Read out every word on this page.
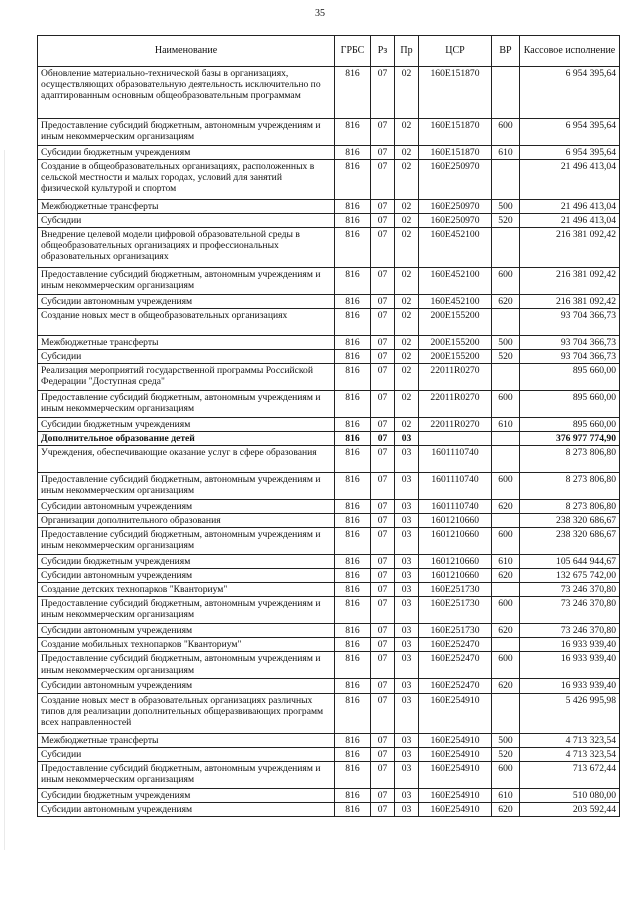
35
Наименование	ГРБС	Рз	Пр	ЦСР	ВР	Кассовое исполнение
Обновление материально-технической базы в организациях, осуществляющих образовательную деятельность исключительно по адаптированным основным общеобразовательным программам	816	07	02	160E151870		6 954 395,64
Предоставление субсидий бюджетным, автономным учреждениям и иным некоммерческим организациям	816	07	02	160E151870	600	6 954 395,64
Субсидии бюджетным учреждениям	816	07	02	160E151870	610	6 954 395,64
Создание в общеобразовательных организациях, расположенных в сельской местности и малых городах, условий для занятий физической культурой и спортом	816	07	02	160E250970		21 496 413,04
Межбюджетные трансферты	816	07	02	160E250970	500	21 496 413,04
Субсидии	816	07	02	160E250970	520	21 496 413,04
Внедрение целевой модели цифровой образовательной среды в общеобразовательных организациях и профессиональных образовательных организациях	816	07	02	160E452100		216 381 092,42
Предоставление субсидий бюджетным, автономным учреждениям и иным некоммерческим организациям	816	07	02	160E452100	600	216 381 092,42
Субсидии автономным учреждениям	816	07	02	160E452100	620	216 381 092,42
Создание новых мест в общеобразовательных организациях	816	07	02	200E155200		93 704 366,73
Межбюджетные трансферты	816	07	02	200E155200	500	93 704 366,73
Субсидии	816	07	02	200E155200	520	93 704 366,73
Реализация мероприятий государственной программы Российской Федерации "Доступная среда"	816	07	02	22011R0270		895 660,00
Предоставление субсидий бюджетным, автономным учреждениям и иным некоммерческим организациям	816	07	02	22011R0270	600	895 660,00
Субсидии бюджетным учреждениям	816	07	02	22011R0270	610	895 660,00
Дополнительное образование детей	816	07	03			376 977 774,90
Учреждения, обеспечивающие оказание услуг в сфере образования	816	07	03	1601110740		8 273 806,80
Предоставление субсидий бюджетным, автономным учреждениям и иным некоммерческим организациям	816	07	03	1601110740	600	8 273 806,80
Субсидии автономным учреждениям	816	07	03	1601110740	620	8 273 806,80
Организации дополнительного образования	816	07	03	1601210660		238 320 686,67
Предоставление субсидий бюджетным, автономным учреждениям и иным некоммерческим организациям	816	07	03	1601210660	600	238 320 686,67
Субсидии бюджетным учреждениям	816	07	03	1601210660	610	105 644 944,67
Субсидии автономным учреждениям	816	07	03	1601210660	620	132 675 742,00
Создание детских технопарков "Кванториум"	816	07	03	160E251730		73 246 370,80
Предоставление субсидий бюджетным, автономным учреждениям и иным некоммерческим организациям	816	07	03	160E251730	600	73 246 370,80
Субсидии автономным учреждениям	816	07	03	160E251730	620	73 246 370,80
Создание мобильных технопарков "Кванториум"	816	07	03	160E252470		16 933 939,40
Предоставление субсидий бюджетным, автономным учреждениям и иным некоммерческим организациям	816	07	03	160E252470	600	16 933 939,40
Субсидии автономным учреждениям	816	07	03	160E252470	620	16 933 939,40
Создание новых мест в образовательных организациях различных типов для реализации дополнительных общеразвивающих программ всех направленностей	816	07	03	160E254910		5 426 995,98
Межбюджетные трансферты	816	07	03	160E254910	500	4 713 323,54
Субсидии	816	07	03	160E254910	520	4 713 323,54
Предоставление субсидий бюджетным, автономным учреждениям и иным некоммерческим организациям	816	07	03	160E254910	600	713 672,44
Субсидии бюджетным учреждениям	816	07	03	160E254910	610	510 080,00
Субсидии автономным учреждениям	816	07	03	160E254910	620	203 592,44
